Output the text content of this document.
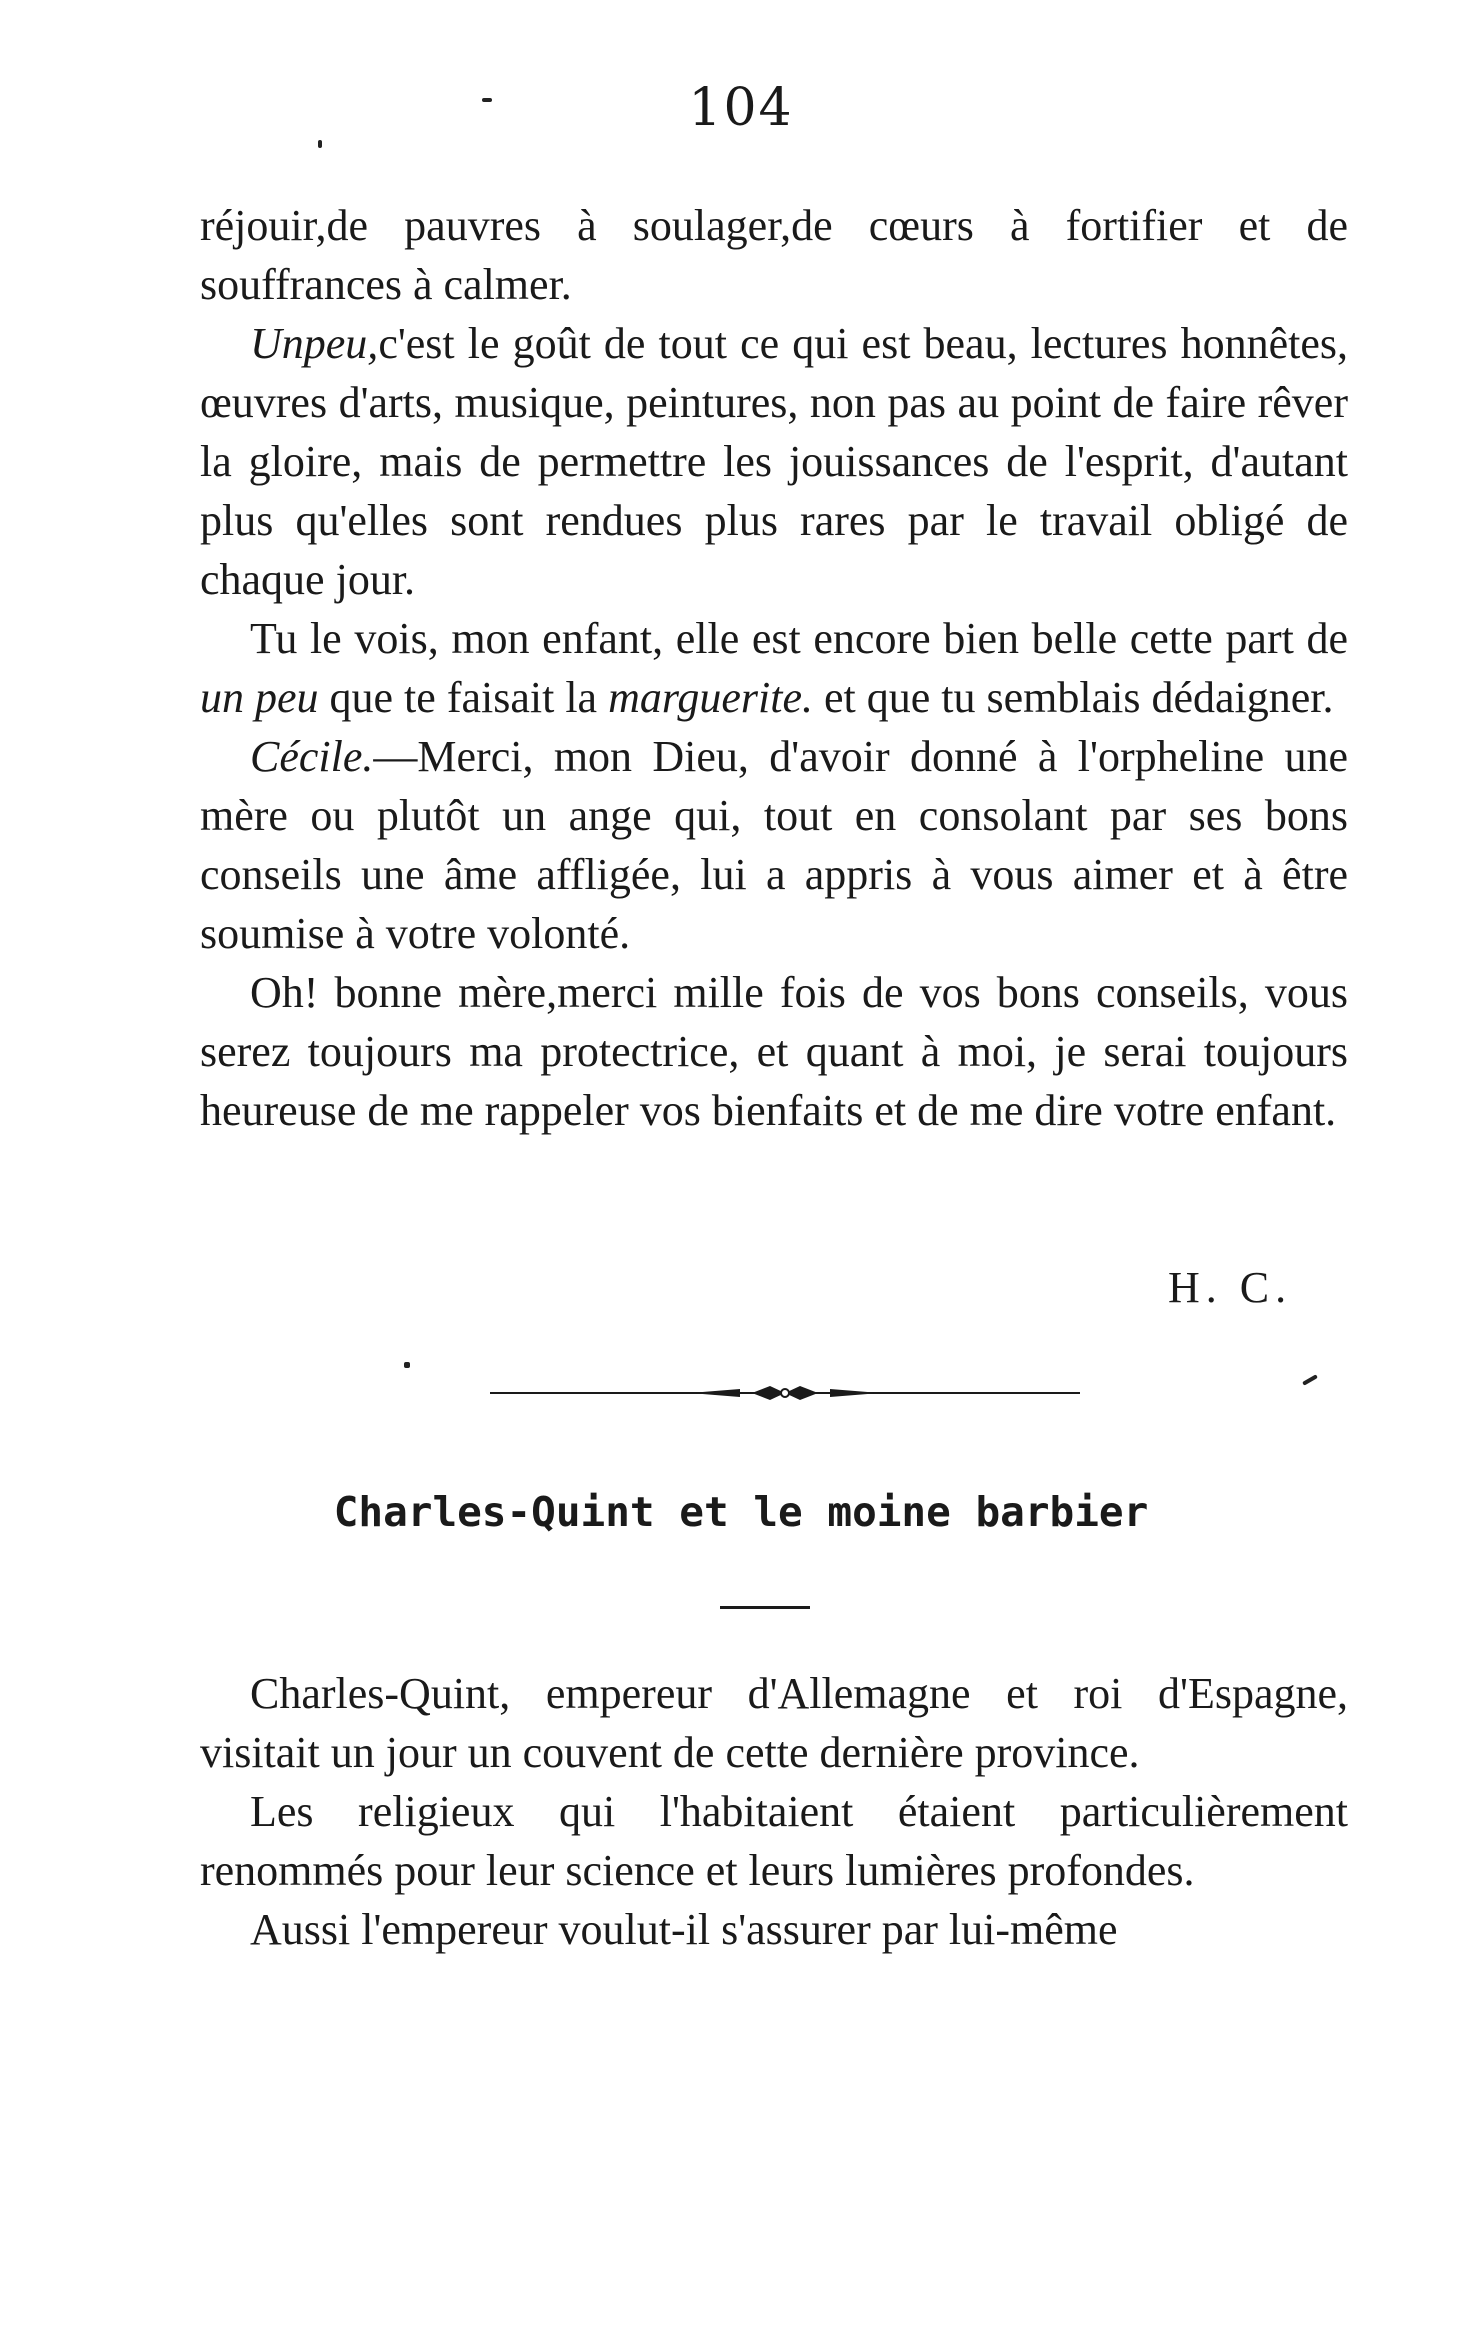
104

réjouir,de pauvres à soulager,de cœurs à fortifier et de souffrances à calmer.

Unpeu,c'est le goût de tout ce qui est beau, lectures honnêtes, œuvres d'arts, musique, peintures, non pas au point de faire rêver la gloire, mais de permettre les jouissances de l'esprit, d'autant plus qu'elles sont rendues plus rares par le travail obligé de chaque jour.

Tu le vois, mon enfant, elle est encore bien belle cette part de un peu que te faisait la marguerite. et que tu semblais dédaigner.

Cécile.—Merci, mon Dieu, d'avoir donné à l'orpheline une mère ou plutôt un ange qui, tout en consolant par ses bons conseils une âme affligée, lui a appris à vous aimer et à être soumise à votre volonté.

Oh! bonne mère,merci mille fois de vos bons conseils, vous serez toujours ma protectrice, et quant à moi, je serai toujours heureuse de me rappeler vos bienfaits et de me dire votre enfant.

H. C.
Charles-Quint et le moine barbier

Charles-Quint, empereur d'Allemagne et roi d'Espagne, visitait un jour un couvent de cette dernière province.

Les religieux qui l'habitaient étaient particulièrement renommés pour leur science et leurs lumières profondes.

Aussi l'empereur voulut-il s'assurer par lui-même
